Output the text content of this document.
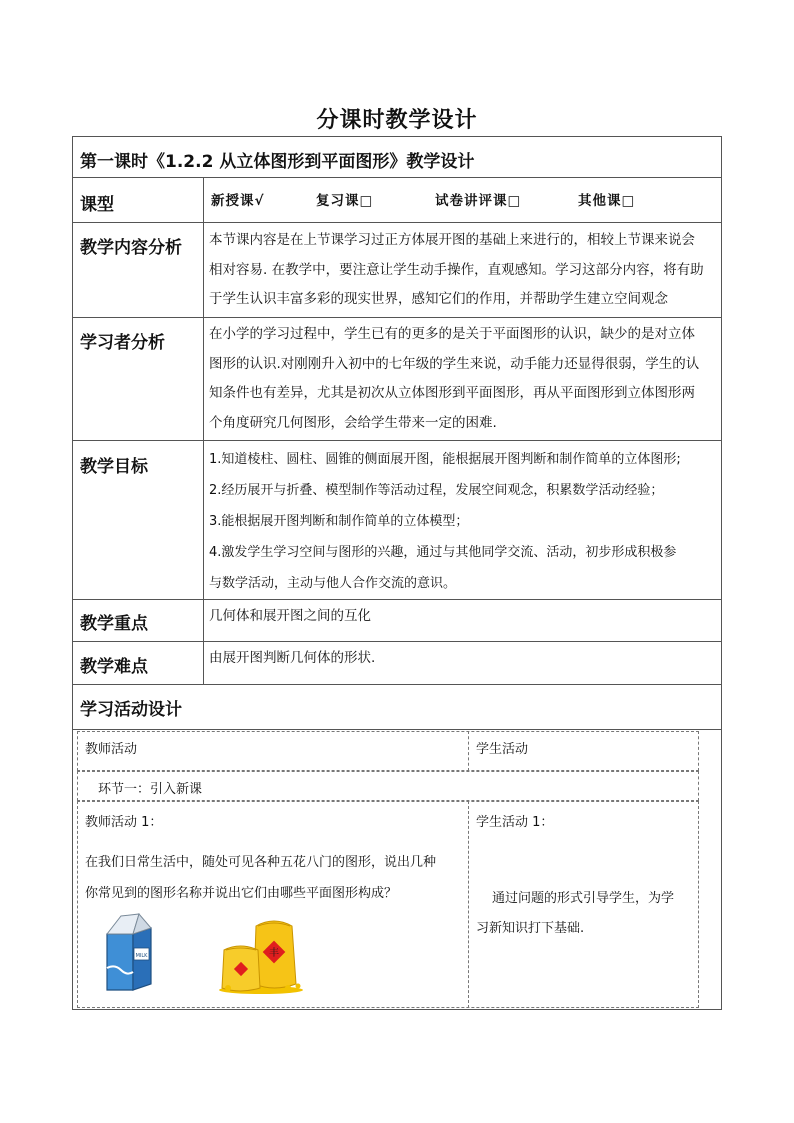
分课时教学设计
第一课时《1.2.2 从立体图形到平面图形》教学设计
课型	新授课√	复习课□	试卷讲评课□	其他课□
教学内容分析 本节课内容是在上节课学习过正方体展开图的基础上来进行的，相较上节课来说会
相对容易. 在教学中，要注意让学生动手操作，直观感知。学习这部分内容，将有助
于学生认识丰富多彩的现实世界，感知它们的作用，并帮助学生建立空间观念
学习者分析	在小学的学习过程中，学生已有的更多的是关于平面图形的认识，缺少的是对立体
图形的认识.对刚刚升入初中的七年级的学生来说，动手能力还显得很弱，学生的认
知条件也有差异，尤其是初次从立体图形到平面图形，再从平面图形到立体图形两
个角度研究几何图形，会给学生带来一定的困难.
教学目标	1.知道棱柱、圆柱、圆锥的侧面展开图，能根据展开图判断和制作简单的立体图形;
2.经历展开与折叠、模型制作等活动过程，发展空间观念，积累数学活动经验；
3.能根据展开图判断和制作简单的立体模型；
4.激发学生学习空间与图形的兴趣，通过与其他同学交流、活动，初步形成积极参
与数学活动，主动与他人合作交流的意识。
教学重点	几何体和展开图之间的互化
教学难点	由展开图判断几何体的形状.
学习活动设计
教师活动	学生活动
环节一：引入新课
教师活动 1：
在我们日常生活中，随处可见各种五花八门的图形，说出几种
你常见到的图形名称并说出它们由哪些平面图形构成？
学生活动 1：
通过问题的形式引导学生，为学
习新知识打下基础.
MILK	丰
